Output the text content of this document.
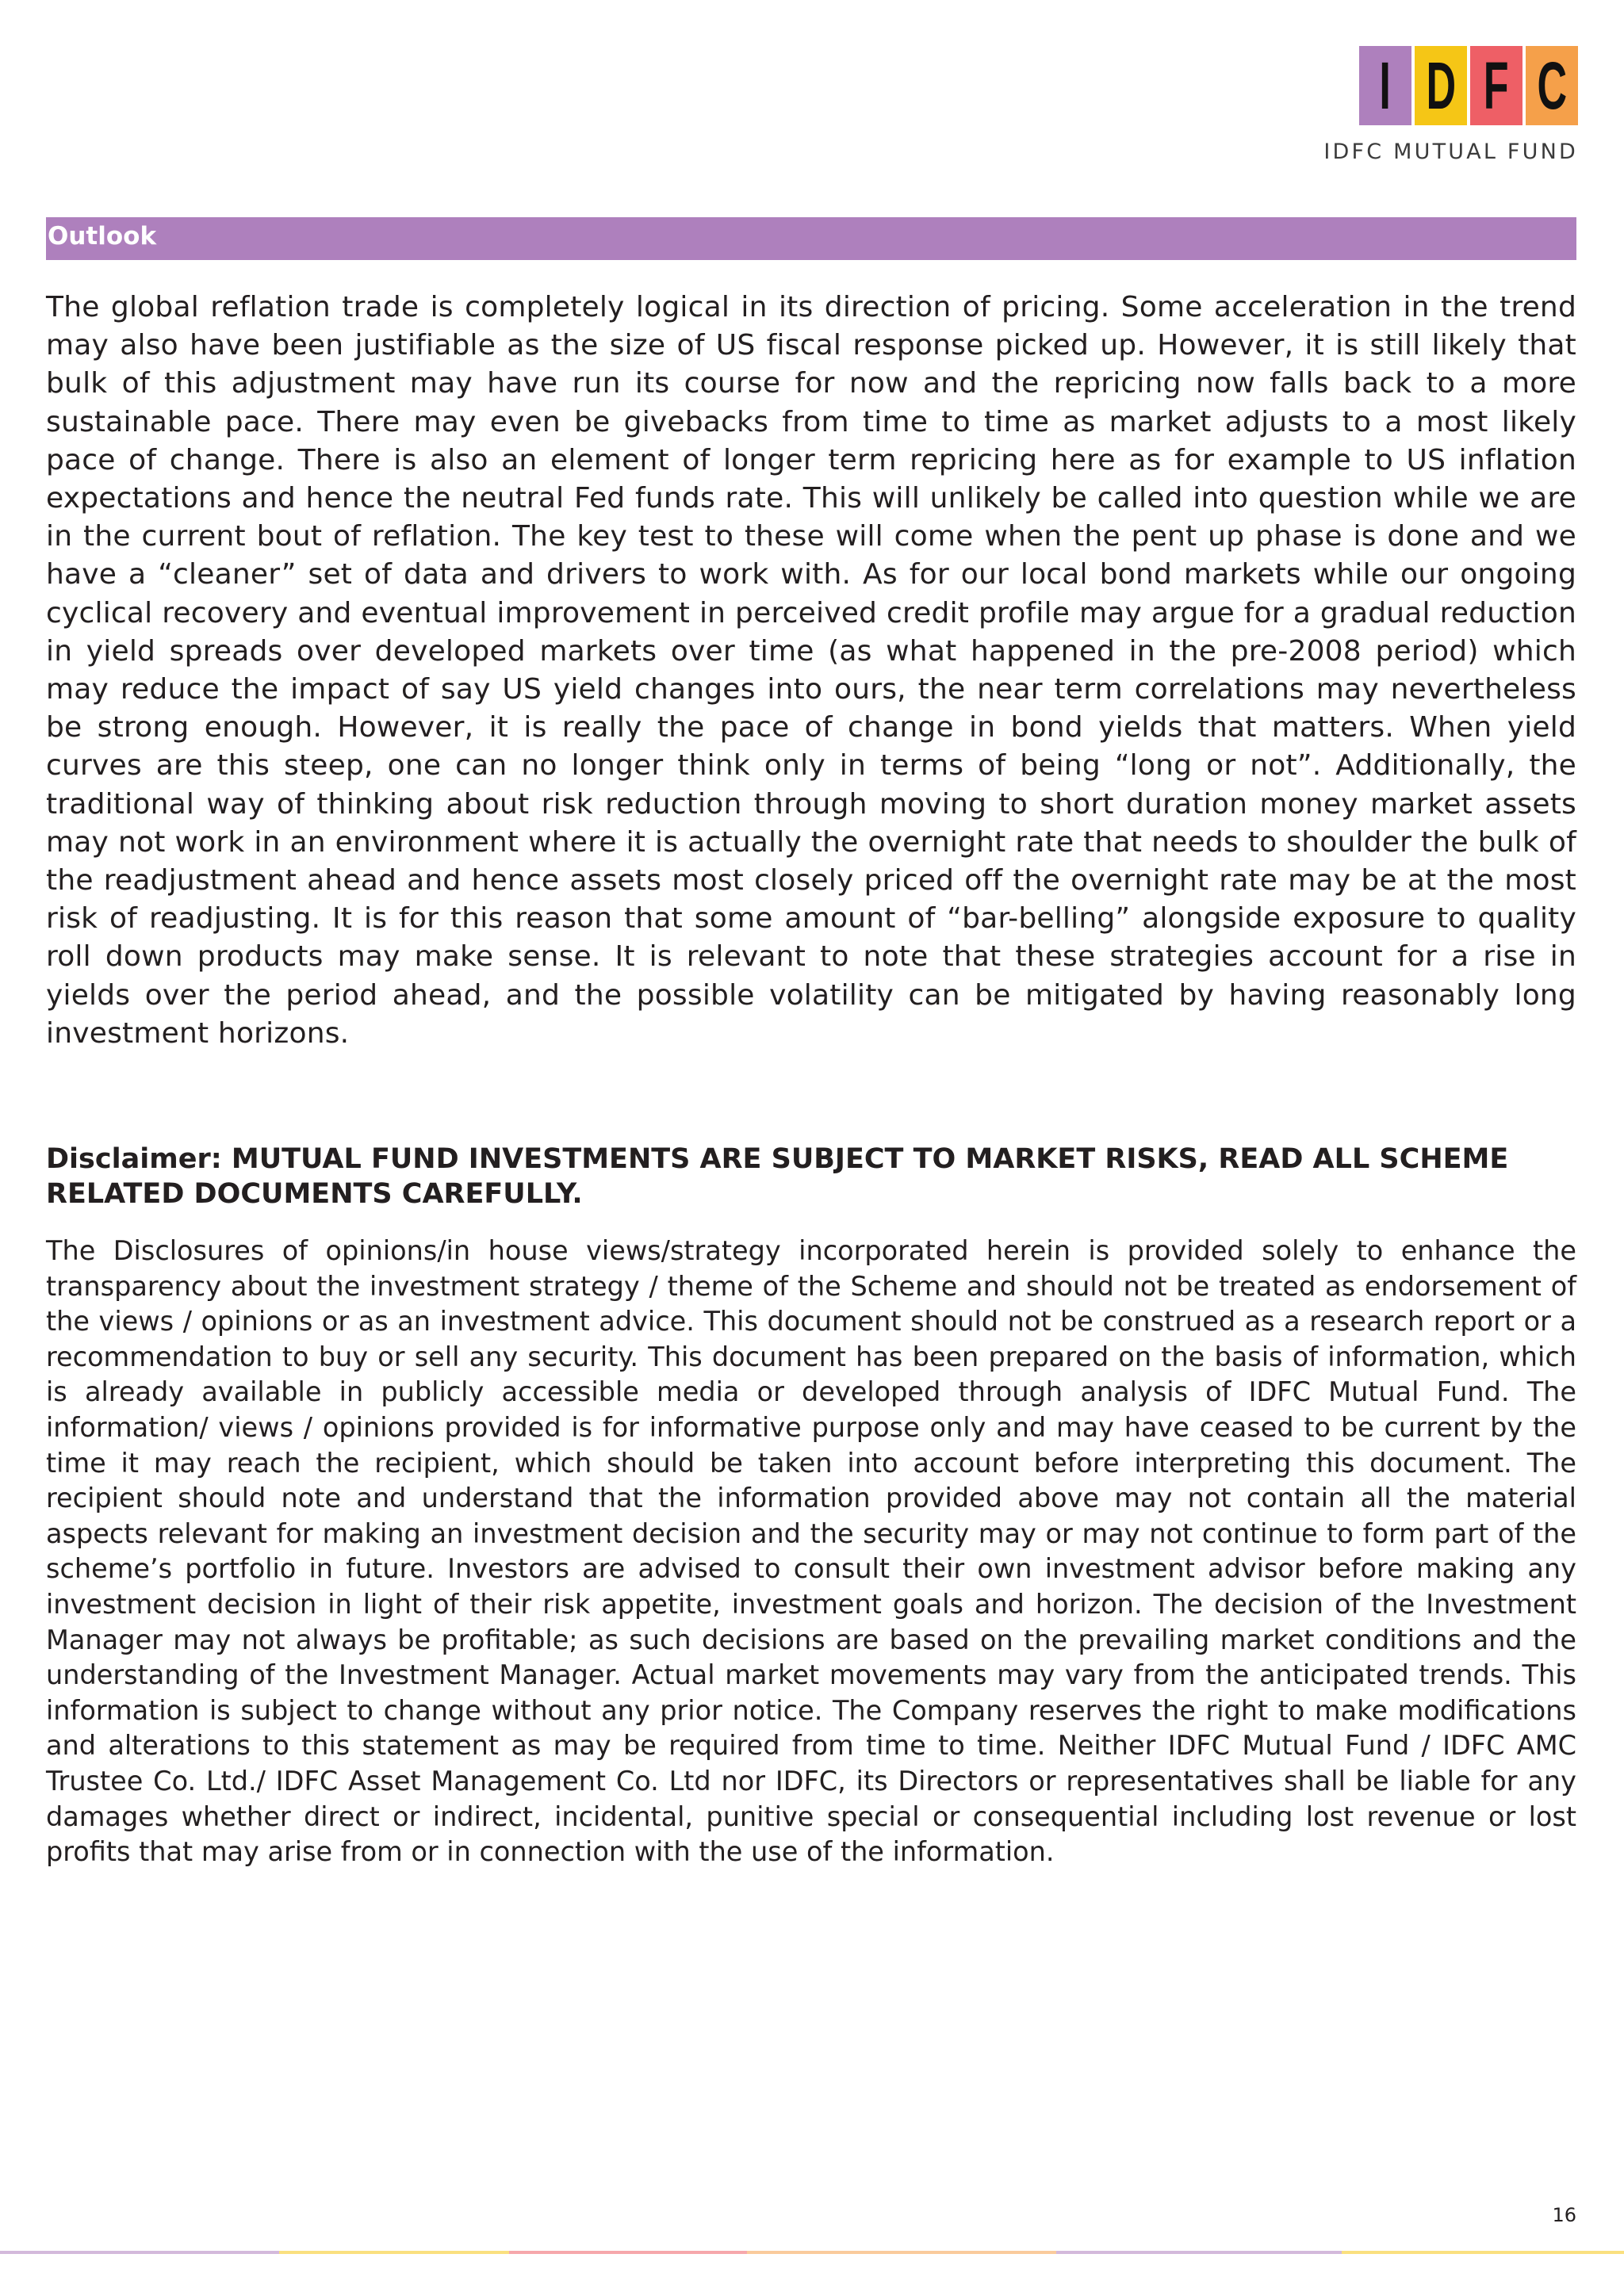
I D F C
IDFC MUTUAL FUND
Outlook
The global reflation trade is completely logical in its direction of pricing. Some acceleration in the trend may also have been justifiable as the size of US fiscal response picked up. However, it is still likely that bulk of this adjustment may have run its course for now and the repricing now falls back to a more sustainable pace. There may even be givebacks from time to time as market adjusts to a most likely pace of change. There is also an element of longer term repricing here as for example to US inflation expectations and hence the neutral Fed funds rate. This will unlikely be called into question while we are in the current bout of reflation. The key test to these will come when the pent up phase is done and we have a “cleaner” set of data and drivers to work with. As for our local bond markets while our ongoing cyclical recovery and eventual improvement in perceived credit profile may argue for a gradual reduction in yield spreads over developed markets over time (as what happened in the pre-2008 period) which may reduce the impact of say US yield changes into ours, the near term correlations may nevertheless be strong enough. However, it is really the pace of change in bond yields that matters. When yield curves are this steep, one can no longer think only in terms of being “long or not”. Additionally, the traditional way of thinking about risk reduction through moving to short duration money market assets may not work in an environment where it is actually the overnight rate that needs to shoulder the bulk of the readjustment ahead and hence assets most closely priced off the overnight rate may be at the most risk of readjusting. It is for this reason that some amount of “bar-belling” alongside exposure to quality roll down products may make sense. It is relevant to note that these strategies account for a rise in yields over the period ahead, and the possible volatility can be mitigated by having reasonably long investment horizons.
Disclaimer: MUTUAL FUND INVESTMENTS ARE SUBJECT TO MARKET RISKS, READ ALL SCHEME RELATED DOCUMENTS CAREFULLY.
The Disclosures of opinions/in house views/strategy incorporated herein is provided solely to enhance the transparency about the investment strategy / theme of the Scheme and should not be treated as endorsement of the views / opinions or as an investment advice. This document should not be construed as a research report or a recommendation to buy or sell any security. This document has been prepared on the basis of information, which is already available in publicly accessible media or developed through analysis of IDFC Mutual Fund. The information/ views / opinions provided is for informative purpose only and may have ceased to be current by the time it may reach the recipient, which should be taken into account before interpreting this document. The recipient should note and understand that the information provided above may not contain all the material aspects relevant for making an investment decision and the security may or may not continue to form part of the scheme’s portfolio in future. Investors are advised to consult their own investment advisor before making any investment decision in light of their risk appetite, investment goals and horizon. The decision of the Investment Manager may not always be profitable; as such decisions are based on the prevailing market conditions and the understanding of the Investment Manager. Actual market movements may vary from the anticipated trends. This information is subject to change without any prior notice. The Company reserves the right to make modifications and alterations to this statement as may be required from time to time. Neither IDFC Mutual Fund / IDFC AMC Trustee Co. Ltd./ IDFC Asset Management Co. Ltd nor IDFC, its Directors or representatives shall be liable for any damages whether direct or indirect, incidental, punitive special or consequential including lost revenue or lost profits that may arise from or in connection with the use of the information.
16
